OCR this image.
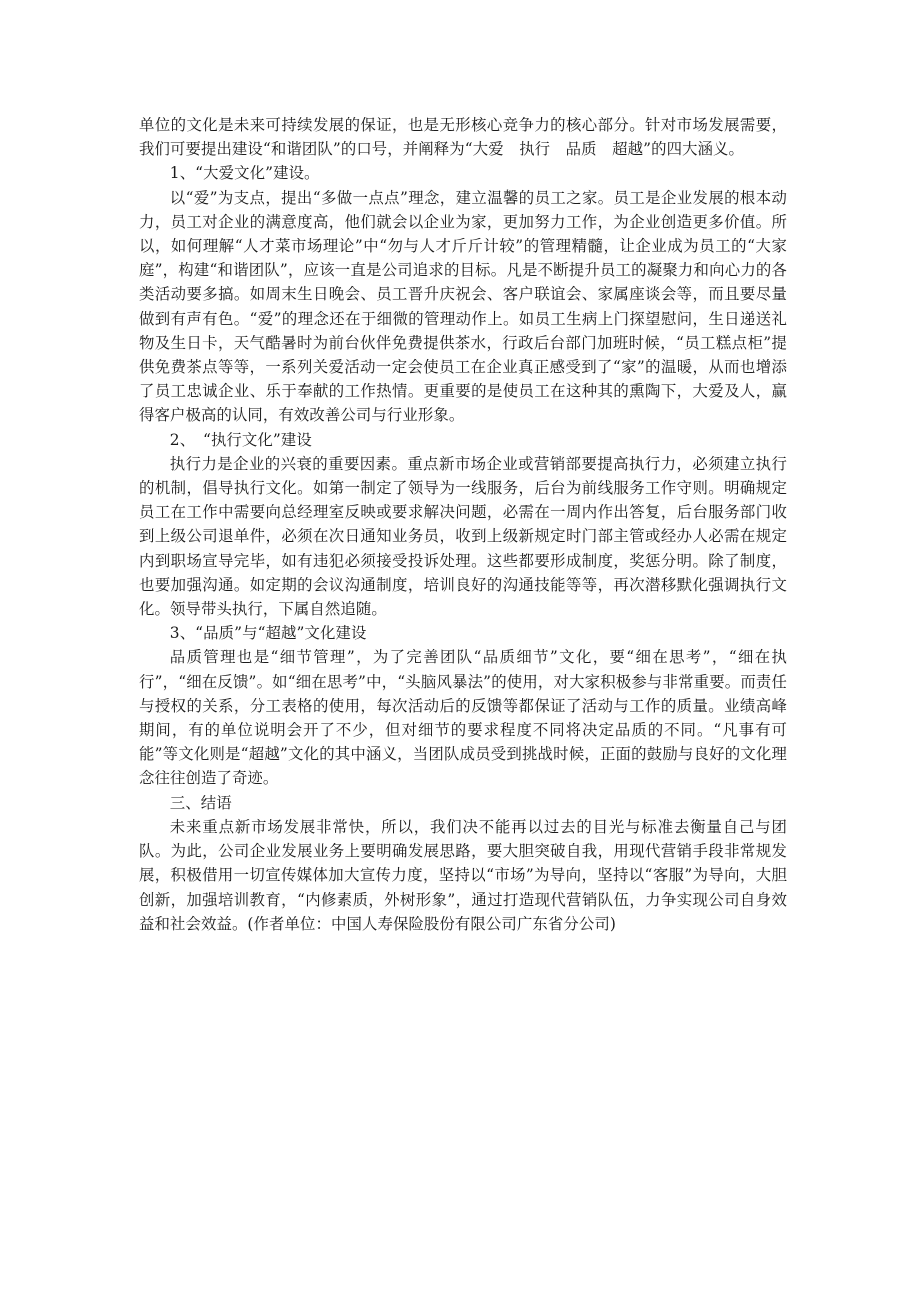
单位的文化是未来可持续发展的保证，也是无形核心竞争力的核心部分。针对市场发展需要，我们可要提出建设“和谐团队”的口号，并阐释为“大爱　执行　品质　超越”的四大涵义。

1、“大爱文化”建设。

以“爱”为支点，提出“多做一点点”理念，建立温馨的员工之家。员工是企业发展的根本动力，员工对企业的满意度高，他们就会以企业为家，更加努力工作，为企业创造更多价值。所以，如何理解“人才菜市场理论”中“勿与人才斤斤计较”的管理精髓，让企业成为员工的“大家庭”，构建“和谐团队”，应该一直是公司追求的目标。凡是不断提升员工的凝聚力和向心力的各类活动要多搞。如周末生日晚会、员工晋升庆祝会、客户联谊会、家属座谈会等，而且要尽量做到有声有色。“爱”的理念还在于细微的管理动作上。如员工生病上门探望慰问，生日递送礼物及生日卡，天气酷暑时为前台伙伴免费提供茶水，行政后台部门加班时候，“员工糕点柜”提供免费茶点等等，一系列关爱活动一定会使员工在企业真正感受到了“家”的温暖，从而也增添了员工忠诚企业、乐于奉献的工作热情。更重要的是使员工在这种其的熏陶下，大爱及人，赢得客户极高的认同，有效改善公司与行业形象。

2、　“执行文化”建设

执行力是企业的兴衰的重要因素。重点新市场企业或营销部要提高执行力，必须建立执行的机制，倡导执行文化。如第一制定了领导为一线服务，后台为前线服务工作守则。明确规定员工在工作中需要向总经理室反映或要求解决问题，必需在一周内作出答复，后台服务部门收到上级公司退单件，必须在次日通知业务员，收到上级新规定时门部主管或经办人必需在规定内到职场宣导完毕，如有违犯必须接受投诉处理。这些都要形成制度，奖惩分明。除了制度，也要加强沟通。如定期的会议沟通制度，培训良好的沟通技能等等，再次潜移默化强调执行文化。领导带头执行，下属自然追随。

3、“品质”与“超越”文化建设

品质管理也是“细节管理”，为了完善团队“品质细节”文化，要“细在思考”，“细在执行”，“细在反馈”。如“细在思考”中，“头脑风暴法”的使用，对大家积极参与非常重要。而责任与授权的关系，分工表格的使用，每次活动后的反馈等都保证了活动与工作的质量。业绩高峰期间，有的单位说明会开了不少，但对细节的要求程度不同将决定品质的不同。“凡事有可能”等文化则是“超越”文化的其中涵义，当团队成员受到挑战时候，正面的鼓励与良好的文化理念往往创造了奇迹。

三、结语

未来重点新市场发展非常快，所以，我们决不能再以过去的目光与标准去衡量自己与团队。为此，公司企业发展业务上要明确发展思路，要大胆突破自我，用现代营销手段非常规发展，积极借用一切宣传媒体加大宣传力度，坚持以“市场”为导向，坚持以“客服”为导向，大胆创新，加强培训教育，“内修素质，外树形象”，通过打造现代营销队伍，力争实现公司自身效益和社会效益。(作者单位：中国人寿保险股份有限公司广东省分公司)
